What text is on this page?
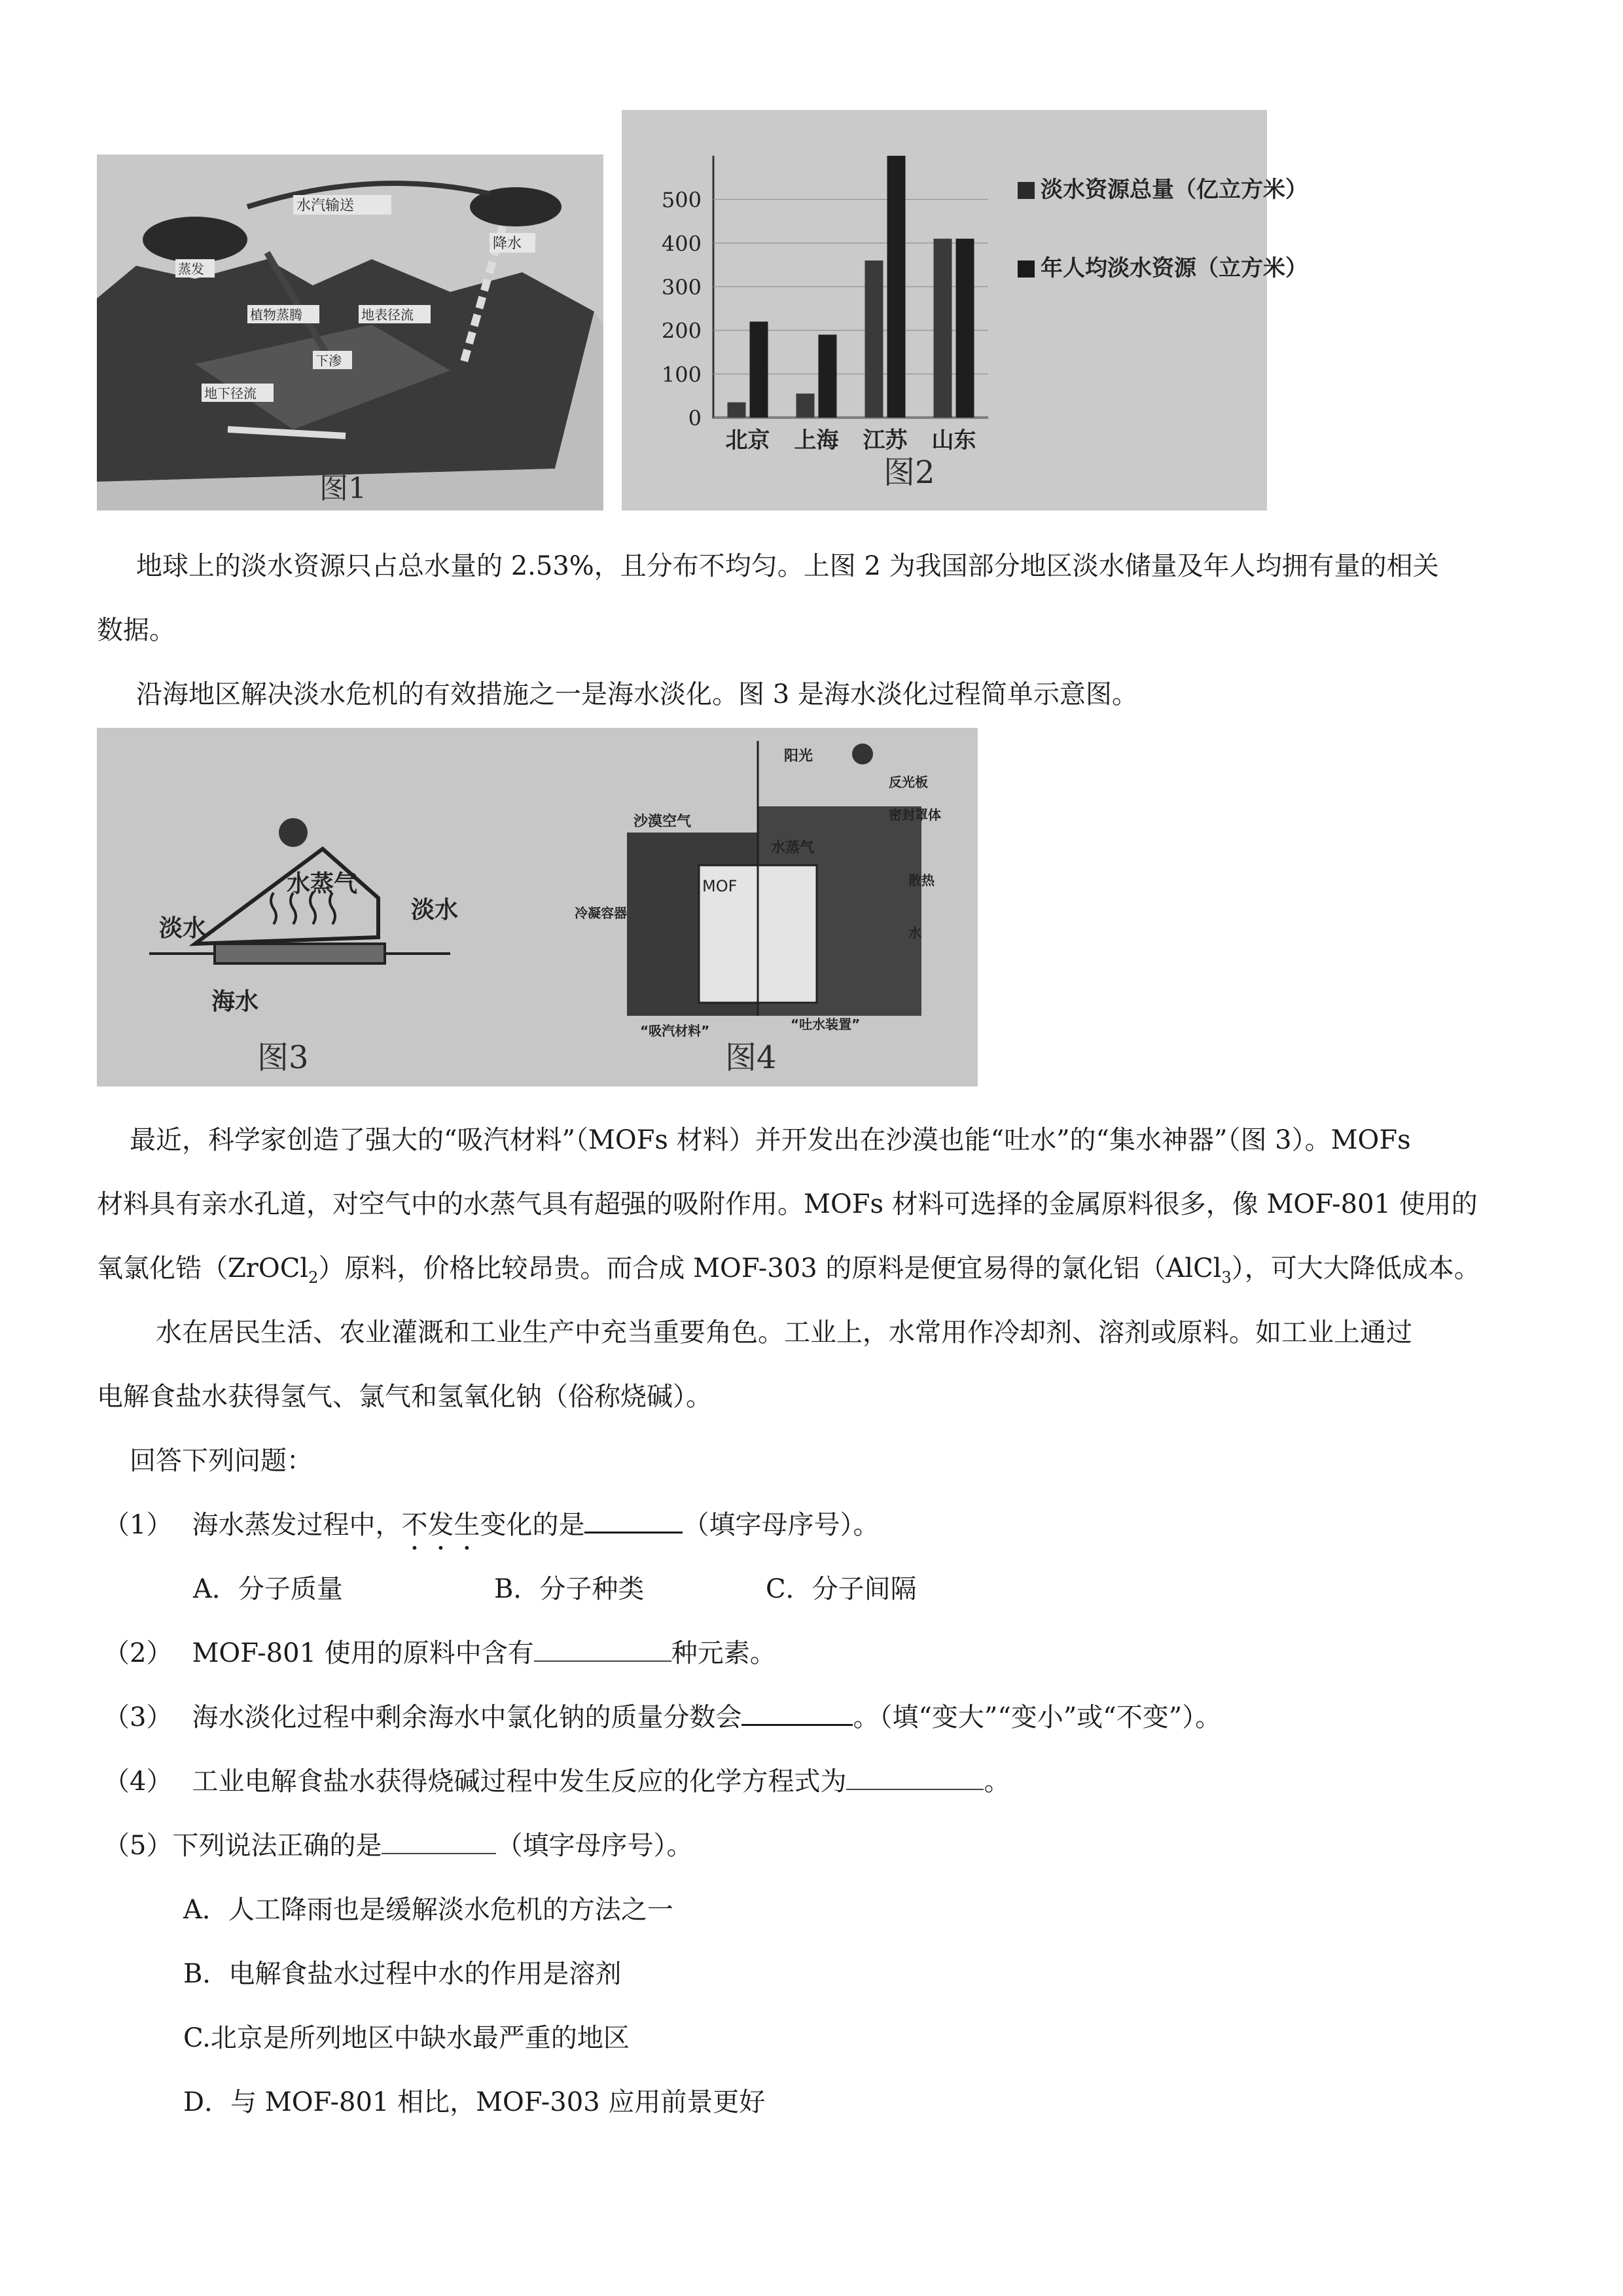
水汽输送
降水
蒸发
地表径流
下渗
地下径流
植物蒸腾
图1
0
100
200
300
400
500
北京 上海 江苏 山东
淡水资源总量（亿立方米）
年人均淡水资源（立方米）
图2
地球上的淡水资源只占总水量的 2.53%，且分布不均匀。上图 2 为我国部分地区淡水储量及年人均拥有量的相关
数据。
沿海地区解决淡水危机的有效措施之一是海水淡化。图 3 是海水淡化过程简单示意图。
淡水
水蒸气
淡水
海水
图3
阳光
反光板
密封罩体
散热
沙漠空气
水蒸气
MOF
冷凝容器
水
“吸汽材料”	“吐水装置”
图4
最近，科学家创造了强大的“吸汽材料”（MOFs 材料）并开发出在沙漠也能“吐水”的“集水神器”（图 3）。MOFs
材料具有亲水孔道，对空气中的水蒸气具有超强的吸附作用。MOFs 材料可选择的金属原料很多，像 MOF-801 使用的
氧氯化锆（ZrOCl$_2$）原料，价格比较昂贵。而合成 MOF-303 的原料是便宜易得的氯化铝（AlCl$_3$），可大大降低成本。
水在居民生活、农业灌溉和工业生产中充当重要角色。工业上，水常用作冷却剂、溶剂或原料。如工业上通过
电解食盐水获得氢气、氯气和氢氧化钠（俗称烧碱）。
回答下列问题：
（1） 海水蒸发过程中，不发生变化的是	（填字母序号）。
A．分子质量	B．分子种类	C．分子间隔
（2） MOF-801 使用的原料中含有	种元素。
（3） 海水淡化过程中剩余海水中氯化钠的质量分数会	。（填“变大”“变小”或“不变”）。
（4） 工业电解食盐水获得烧碱过程中发生反应的化学方程式为	。
（5）下列说法正确的是	（填字母序号）。
A．人工降雨也是缓解淡水危机的方法之一
B．电解食盐水过程中水的作用是溶剂
C.北京是所列地区中缺水最严重的地区
D．与 MOF-801 相比，MOF-303 应用前景更好
